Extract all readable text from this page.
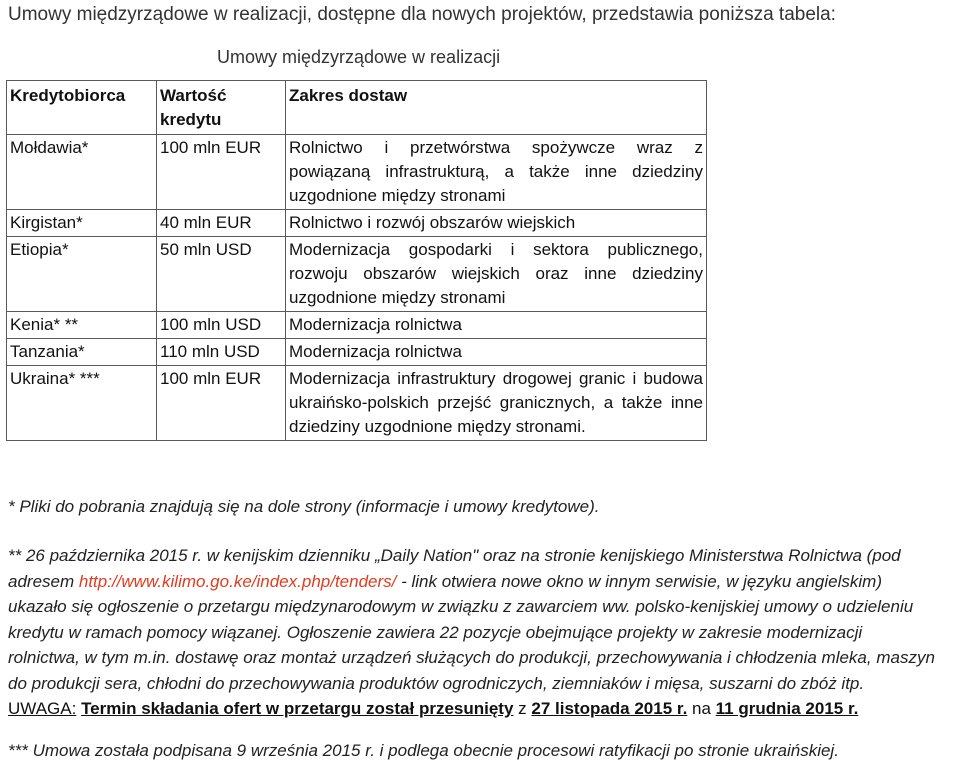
Umowy międzyrządowe w realizacji, dostępne dla nowych projektów, przedstawia poniższa tabela:
Umowy międzyrządowe w realizacji
Kredytobiorca	Wartość kredytu	Zakres dostaw
Mołdawia*	100 mln EUR	Rolnictwo i przetwórstwa spożywcze wraz z powiązaną infrastrukturą, a także inne dziedziny uzgodnione między stronami
Kirgistan*	40 mln EUR	Rolnictwo i rozwój obszarów wiejskich
Etiopia*	50 mln USD	Modernizacja gospodarki i sektora publicznego, rozwoju obszarów wiejskich oraz inne dziedziny uzgodnione między stronami
Kenia* **	100 mln USD	Modernizacja rolnictwa
Tanzania*	110 mln USD	Modernizacja rolnictwa
Ukraina* ***	100 mln EUR	Modernizacja infrastruktury drogowej granic i budowa ukraińsko-polskich przejść granicznych, a także inne dziedziny uzgodnione między stronami.
* Pliki do pobrania znajdują się na dole strony (informacje i umowy kredytowe).
** 26 października 2015 r. w kenijskim dzienniku „Daily Nation" oraz na stronie kenijskiego Ministerstwa Rolnictwa (pod
adresem http://www.kilimo.go.ke/index.php/tenders/ - link otwiera nowe okno w innym serwisie, w języku angielskim)
ukazało się ogłoszenie o przetargu międzynarodowym w związku z zawarciem ww. polsko-kenijskiej umowy o udzieleniu
kredytu w ramach pomocy wiązanej. Ogłoszenie zawiera 22 pozycje obejmujące projekty w zakresie modernizacji
rolnictwa, w tym m.in. dostawę oraz montaż urządzeń służących do produkcji, przechowywania i chłodzenia mleka, maszyn
do produkcji sera, chłodni do przechowywania produktów ogrodniczych, ziemniaków i mięsa, suszarni do zbóż itp.
UWAGA: Termin składania ofert w przetargu został przesunięty z 27 listopada 2015 r. na 11 grudnia 2015 r.
*** Umowa została podpisana 9 września 2015 r. i podlega obecnie procesowi ratyfikacji po stronie ukraińskiej.
